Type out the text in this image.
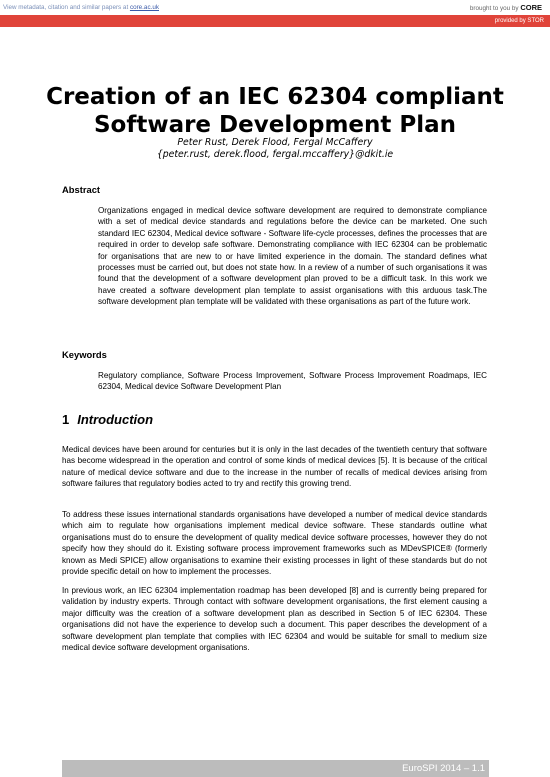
View metadata, citation and similar papers at core.ac.uk	brought to you by CORE
provided by STOR
Creation of an IEC 62304 compliant
Software Development Plan
Peter Rust, Derek Flood, Fergal McCaffery
{peter.rust, derek.flood, fergal.mccaffery}@dkit.ie
Abstract

Organizations engaged in medical device software development are required to demonstrate compliance with a set of medical device standards and regulations before the device can be marketed. One such standard IEC 62304, Medical device software - Software life-cycle processes, defines the processes that are required in order to develop safe software. Demonstrating compliance with IEC 62304 can be problematic for organisations that are new to or have limited experience in the domain. The standard defines what processes must be carried out, but does not state how. In a review of a number of such organisations it was found that the development of a software development plan proved to be a difficult task. In this work we have created a software development plan template to assist organisations with this arduous task.The software development plan template will be validated with these organisations as part of the future work.

Keywords

Regulatory compliance, Software Process Improvement, Software Process Improvement Roadmaps, IEC 62304, Medical device Software Development Plan

1 Introduction

Medical devices have been around for centuries but it is only in the last decades of the twentieth century that software has become widespread in the operation and control of some kinds of medical devices [5]. It is because of the critical nature of medical device software and due to the increase in the number of recalls of medical devices arising from software failures that regulatory bodies acted to try and rectify this growing trend.

To address these issues international standards organisations have developed a number of medical device standards which aim to regulate how organisations implement medical device software. These standards outline what organisations must do to ensure the development of quality medical device software processes, however they do not specify how they should do it. Existing software process improvement frameworks such as MDevSPICE® (formerly known as Medi SPICE) allow organisations to examine their existing processes in light of these standards but do not provide specific detail on how to implement the processes.

In previous work, an IEC 62304 implementation roadmap has been developed [8] and is currently being prepared for validation by industry experts. Through contact with software development organisations, the first element causing a major difficulty was the creation of a software development plan as described in Section 5 of IEC 62304. These organisations did not have the experience to develop such a document. This paper describes the development of a software development plan template that complies with IEC 62304 and would be suitable for small to medium size medical device software development organisations.

EuroSPI 2014 – 1.1
